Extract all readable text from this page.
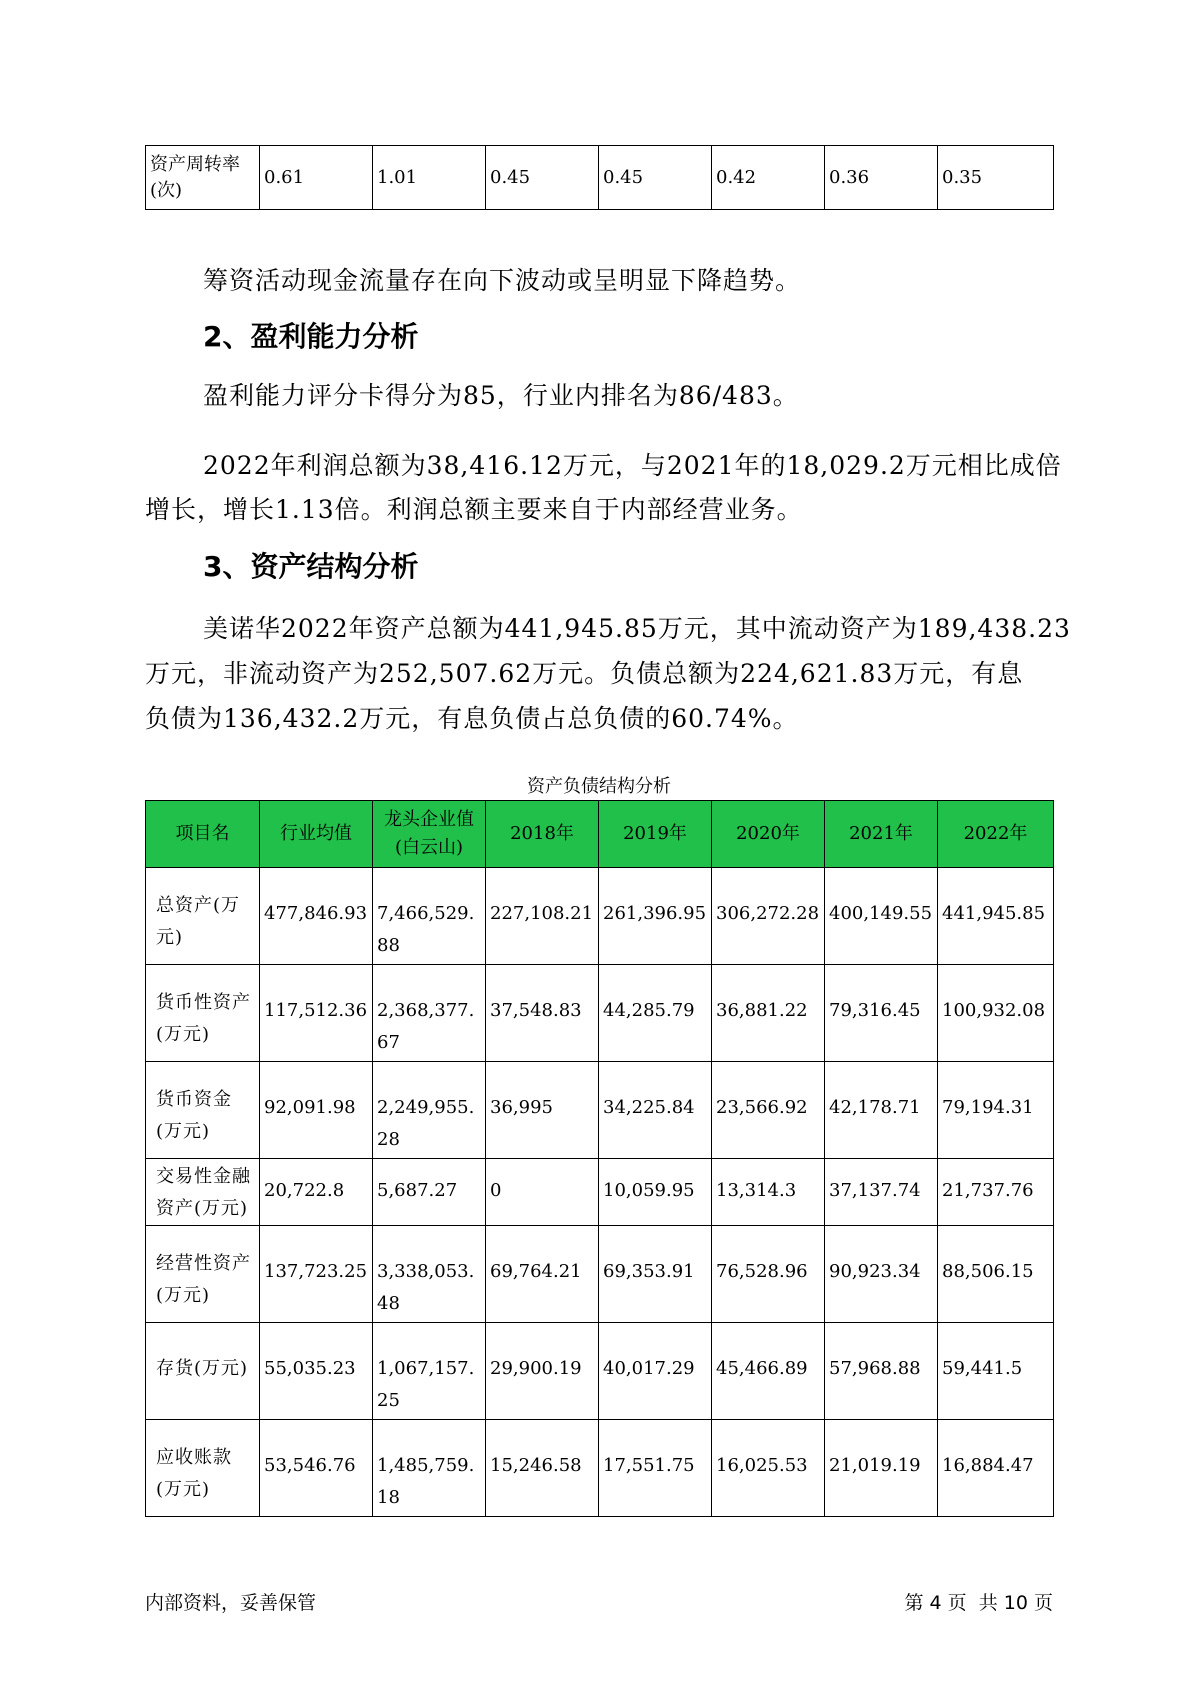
资产周转率(次)	0.61	1.01	0.45	0.45	0.42	0.36	0.35
筹资活动现金流量存在向下波动或呈明显下降趋势。
2、盈利能力分析
盈利能力评分卡得分为85，行业内排名为86/483。
2022年利润总额为38,416.12万元，与2021年的18,029.2万元相比成倍
增长，增长1.13倍。利润总额主要来自于内部经营业务。
3、资产结构分析
美诺华2022年资产总额为441,945.85万元，其中流动资产为189,438.23
万元，非流动资产为252,507.62万元。负债总额为224,621.83万元，有息
负债为136,432.2万元，有息负债占总负债的60.74%。
资产负债结构分析
项目名	行业均值	龙头企业值(白云山)	2018年	2019年	2020年	2021年	2022年
总资产(万元)	477,846.93	7,466,529.88	227,108.21	261,396.95	306,272.28	400,149.55	441,945.85
货币性资产(万元)	117,512.36	2,368,377.67	37,548.83	44,285.79	36,881.22	79,316.45	100,932.08
货币资金(万元)	92,091.98	2,249,955.28	36,995	34,225.84	23,566.92	42,178.71	79,194.31
交易性金融资产(万元)	20,722.8	5,687.27	0	10,059.95	13,314.3	37,137.74	21,737.76
经营性资产(万元)	137,723.25	3,338,053.48	69,764.21	69,353.91	76,528.96	90,923.34	88,506.15
存货(万元)	55,035.23	1,067,157.25	29,900.19	40,017.29	45,466.89	57,968.88	59,441.5
应收账款(万元)	53,546.76	1,485,759.18	15,246.58	17,551.75	16,025.53	21,019.19	16,884.47
内部资料，妥善保管	第 4 页  共 10 页
